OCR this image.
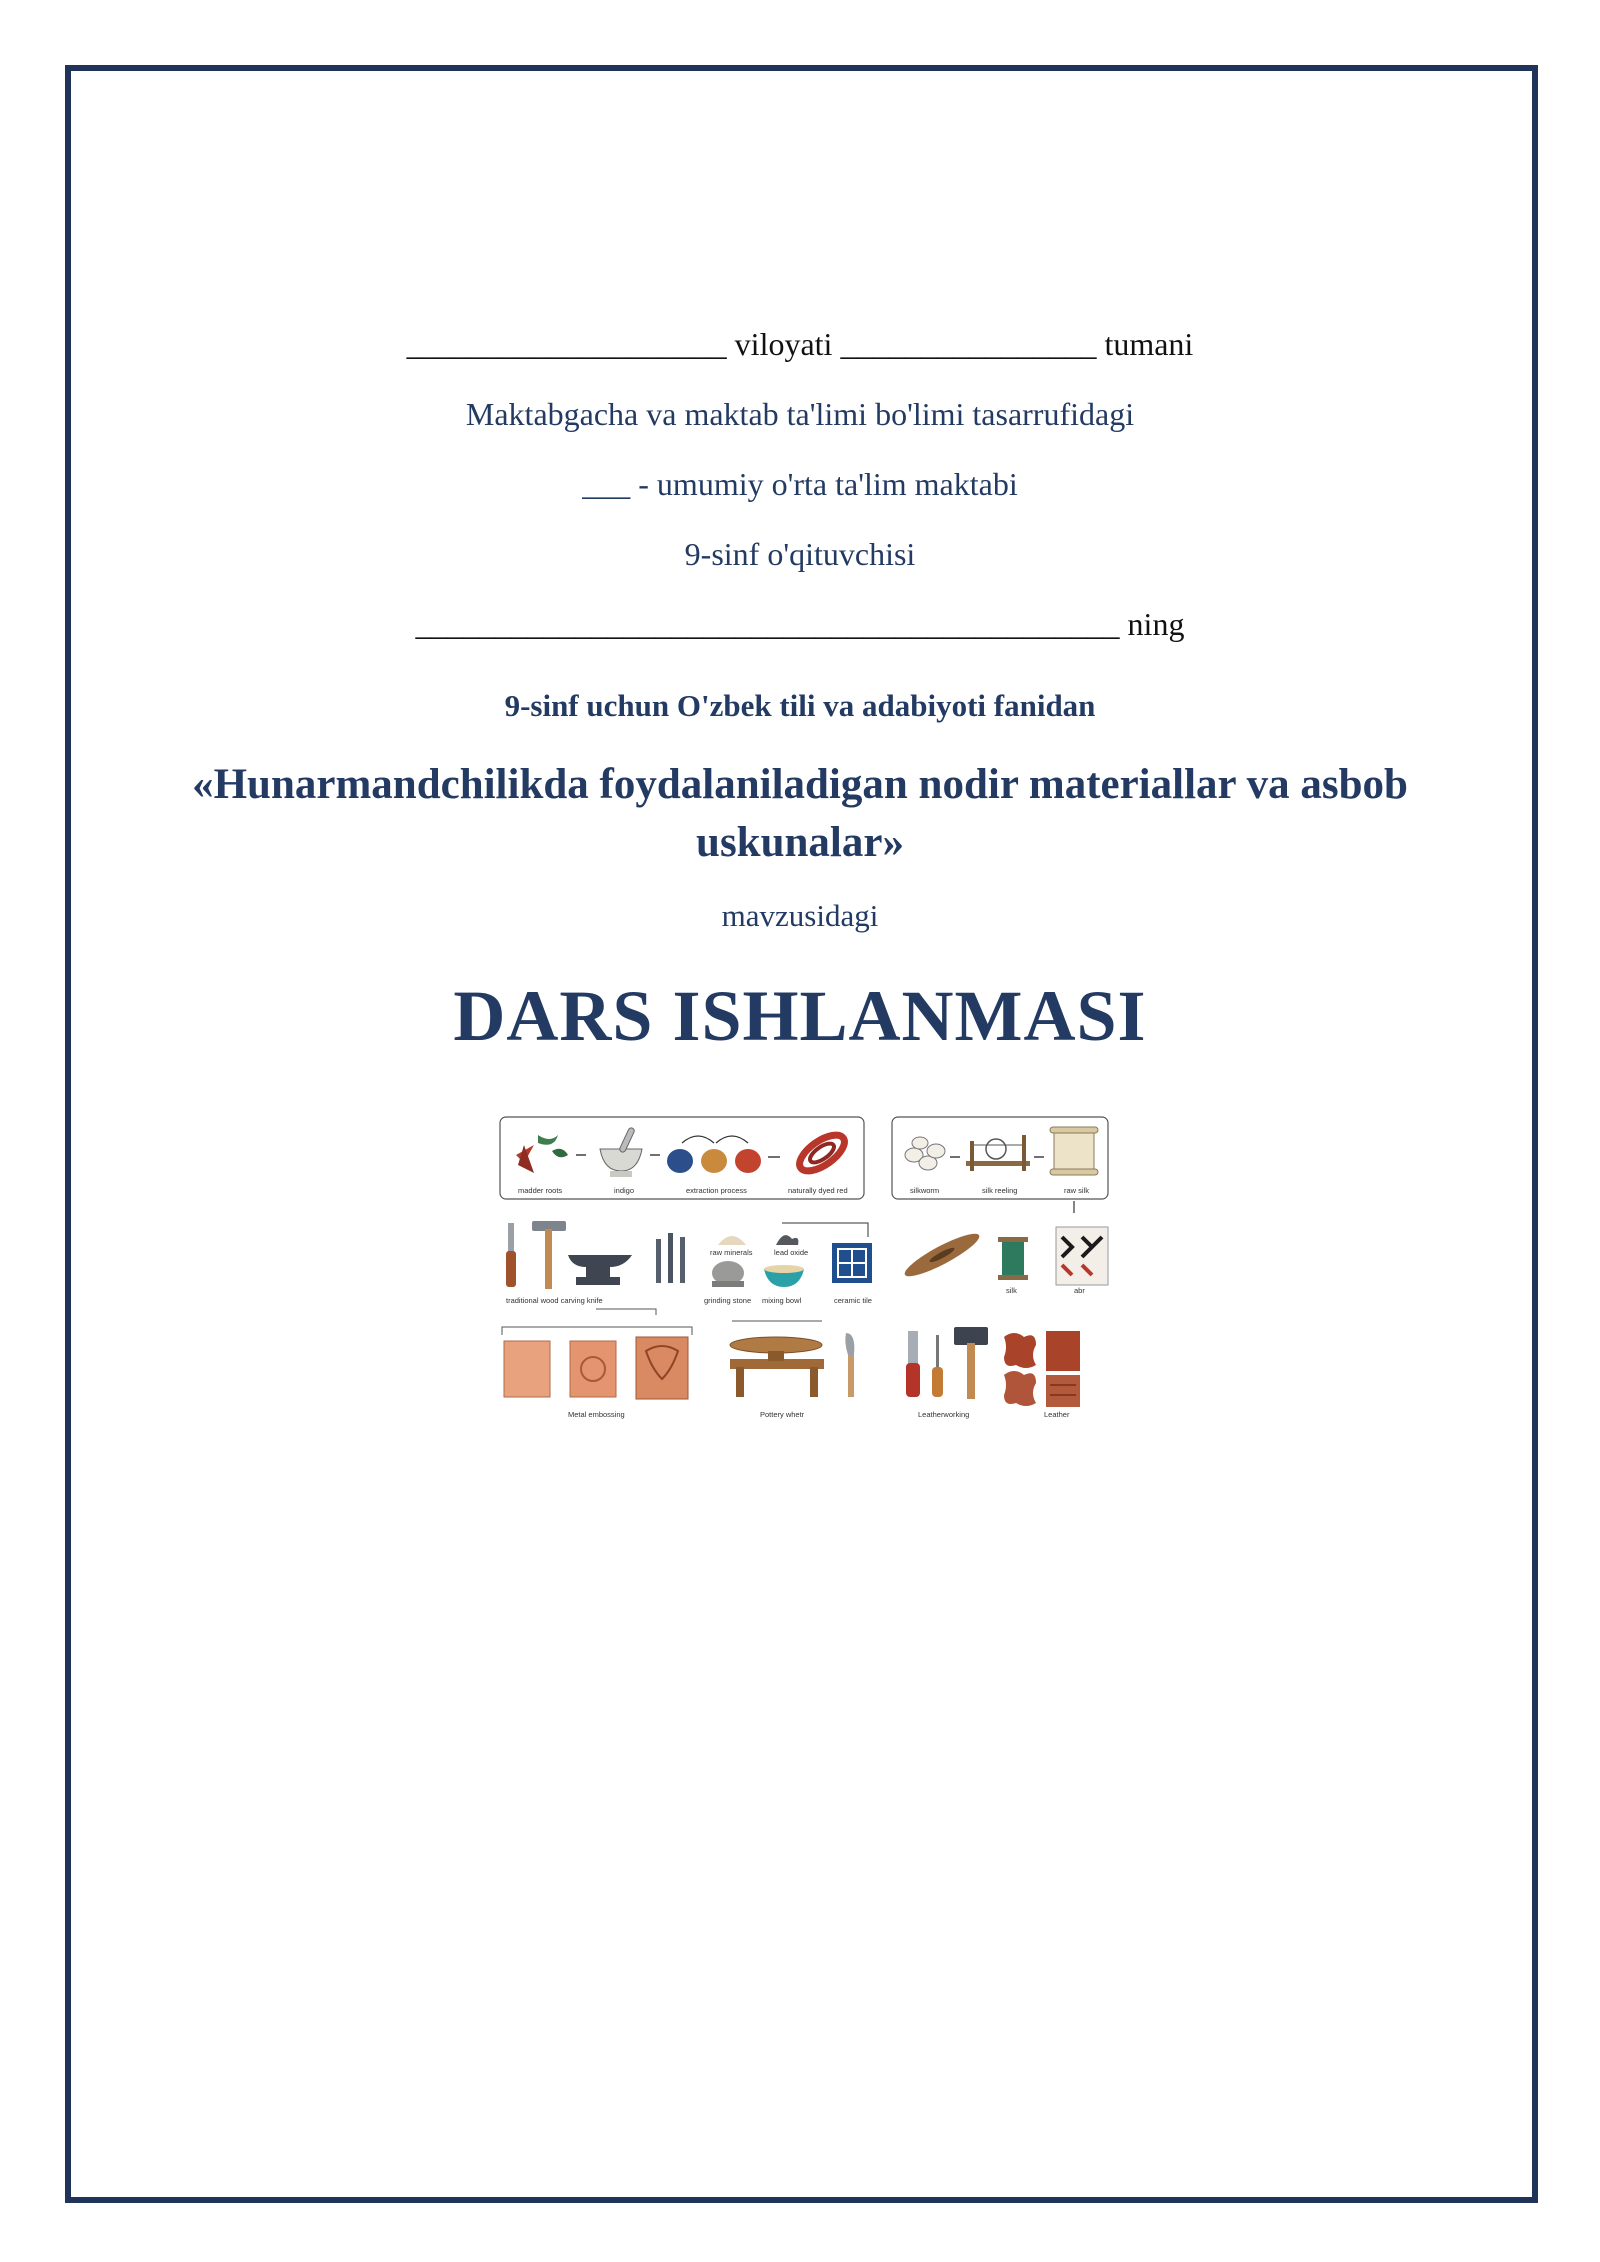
____________________ viloyati ________________ tumani
Maktabgacha va maktab ta'limi bo'limi tasarrufidagi
___ - umumiy o'rta ta'lim maktabi
9-sinf o'qituvchisi
____________________________________________ ning
9-sinf uchun O'zbek tili va adabiyoti fanidan
«Hunarmandchilikda foydalaniladigan nodir materiallar va asbob uskunalar»
mavzusidagi
DARS ISHLANMASI
madder roots	indigo	extraction process	naturally dyed red	silkworm	silk reeling	raw silk
traditional wood carving knife
raw minerals	lead oxide
grinding stone mixing bowl	ceramic tile
silk	abr
Metal embossing	Pottery whetr	Leatherworking	Leather
